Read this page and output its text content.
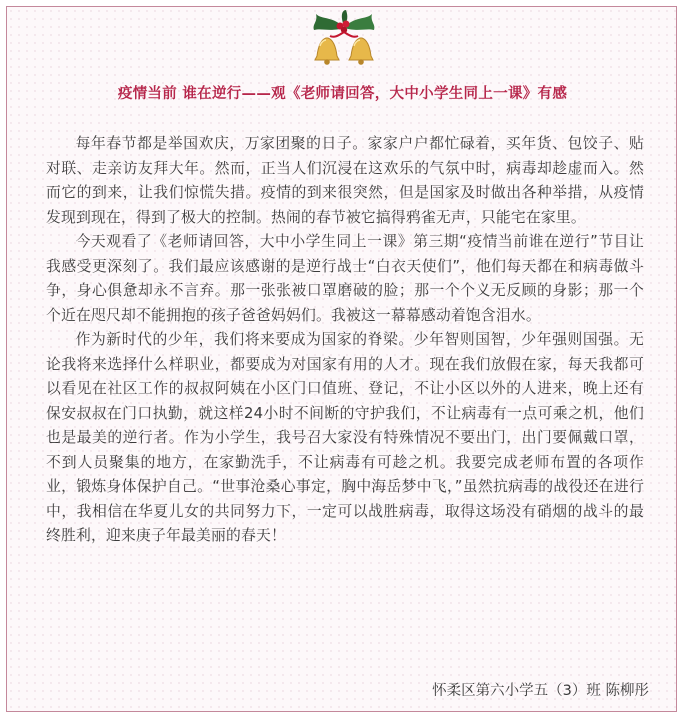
疫情当前 谁在逆行——观《老师请回答，大中小学生同上一课》有感

每年春节都是举国欢庆，万家团聚的日子。家家户户都忙碌着，买年货、包饺子、贴对联、走亲访友拜大年。然而，正当人们沉浸在这欢乐的气氛中时，病毒却趁虚而入。然而它的到来，让我们惊慌失措。疫情的到来很突然，但是国家及时做出各种举措，从疫情发现到现在，得到了极大的控制。热闹的春节被它搞得鸦雀无声，只能宅在家里。

今天观看了《老师请回答，大中小学生同上一课》第三期“疫情当前谁在逆行”节目让我感受更深刻了。我们最应该感谢的是逆行战士“白衣天使们”，他们每天都在和病毒做斗争，身心俱惫却永不言弃。那一张张被口罩磨破的脸；那一个个义无反顾的身影；那一个个近在咫尺却不能拥抱的孩子爸爸妈妈们。我被这一幕幕感动着饱含泪水。

作为新时代的少年，我们将来要成为国家的脊梁。少年智则国智，少年强则国强。无论我将来选择什么样职业，都要成为对国家有用的人才。现在我们放假在家，每天我都可以看见在社区工作的叔叔阿姨在小区门口值班、登记，不让小区以外的人进来，晚上还有保安叔叔在门口执勤，就这样24小时不间断的守护我们，不让病毒有一点可乘之机，他们也是最美的逆行者。作为小学生，我号召大家没有特殊情况不要出门，出门要佩戴口罩，不到人员聚集的地方，在家勤洗手，不让病毒有可趁之机。我要完成老师布置的各项作业，锻炼身体保护自己。“世事沧桑心事定，胸中海岳梦中飞，”虽然抗病毒的战役还在进行中，我相信在华夏儿女的共同努力下，一定可以战胜病毒，取得这场没有硝烟的战斗的最终胜利，迎来庚子年最美丽的春天！

怀柔区第六小学五（3）班 陈柳彤
